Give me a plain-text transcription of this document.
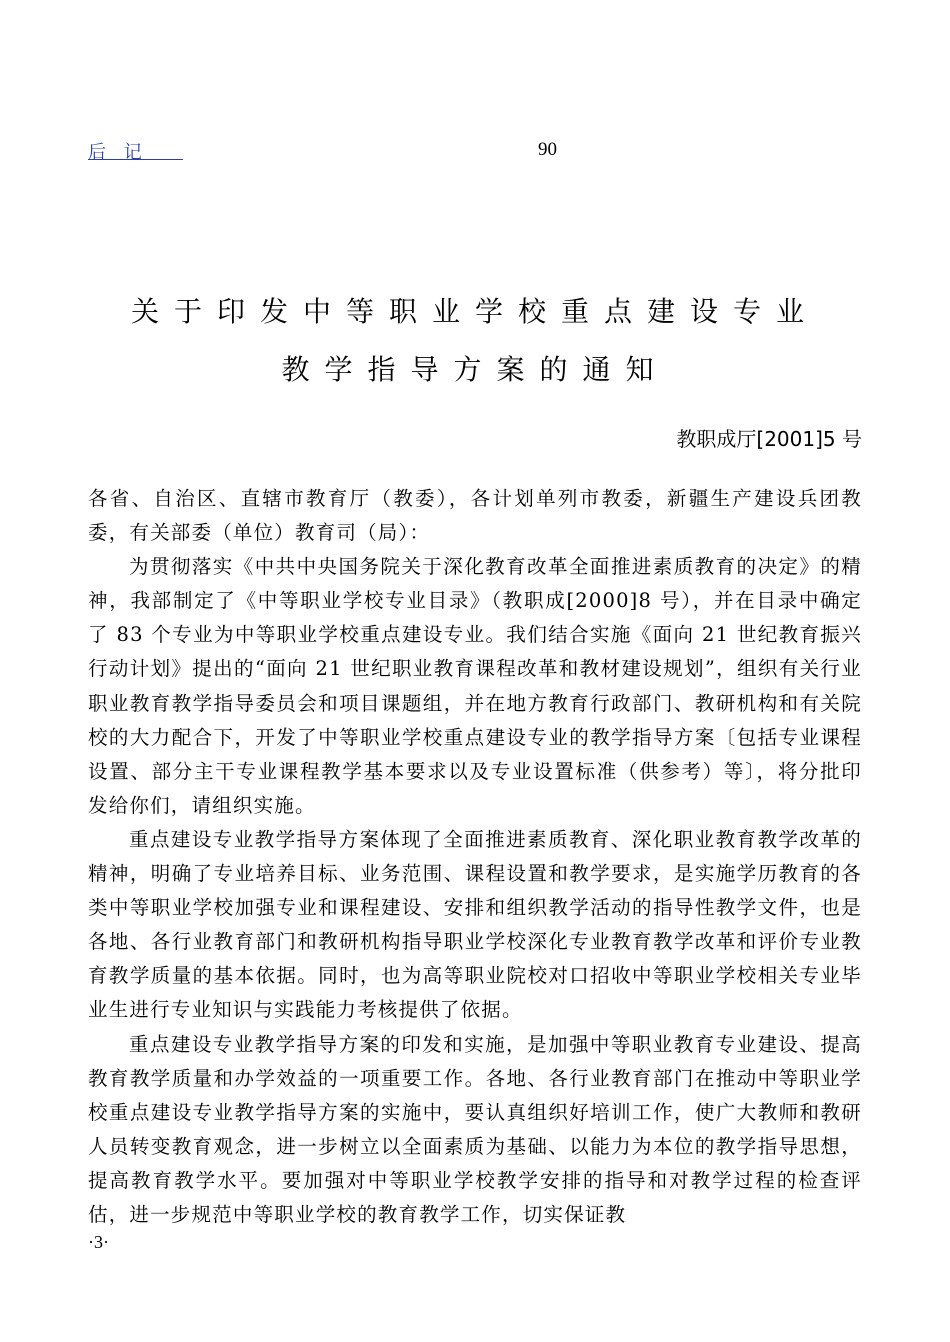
后 记	90
关于印发中等职业学校重点建设专业
教学指导方案的通知
教职成厅[2001]5 号

各省、自治区、直辖市教育厅（教委），各计划单列市教委，新疆生产建设兵团教委，有关部委（单位）教育司（局）：

为贯彻落实《中共中央国务院关于深化教育改革全面推进素质教育的决定》的精神，我部制定了《中等职业学校专业目录》（教职成[2000]8 号），并在目录中确定了 83 个专业为中等职业学校重点建设专业。我们结合实施《面向 21 世纪教育振兴行动计划》提出的“面向 21 世纪职业教育课程改革和教材建设规划”，组织有关行业职业教育教学指导委员会和项目课题组，并在地方教育行政部门、教研机构和有关院校的大力配合下，开发了中等职业学校重点建设专业的教学指导方案〔包括专业课程设置、部分主干专业课程教学基本要求以及专业设置标准（供参考）等〕，将分批印发给你们，请组织实施。

重点建设专业教学指导方案体现了全面推进素质教育、深化职业教育教学改革的精神，明确了专业培养目标、业务范围、课程设置和教学要求，是实施学历教育的各类中等职业学校加强专业和课程建设、安排和组织教学活动的指导性教学文件，也是各地、各行业教育部门和教研机构指导职业学校深化专业教育教学改革和评价专业教育教学质量的基本依据。同时，也为高等职业院校对口招收中等职业学校相关专业毕业生进行专业知识与实践能力考核提供了依据。

重点建设专业教学指导方案的印发和实施，是加强中等职业教育专业建设、提高教育教学质量和办学效益的一项重要工作。各地、各行业教育部门在推动中等职业学校重点建设专业教学指导方案的实施中，要认真组织好培训工作，使广大教师和教研人员转变教育观念，进一步树立以全面素质为基础、以能力为本位的教学指导思想，提高教育教学水平。要加强对中等职业学校教学安排的指导和对教学过程的检查评估，进一步规范中等职业学校的教育教学工作，切实保证教

·3·
